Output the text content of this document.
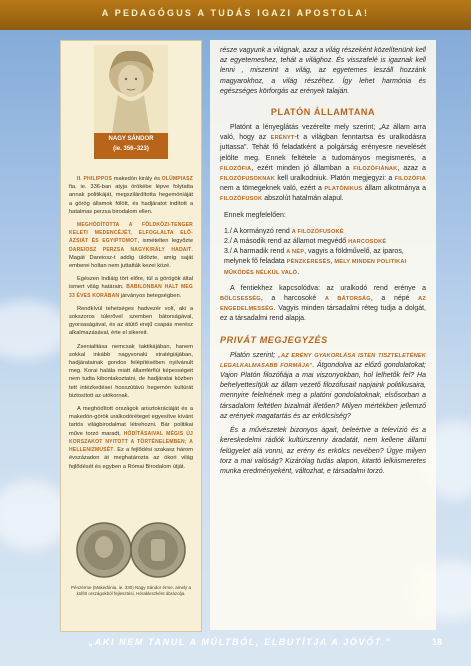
A PEDAGÓGUS A TUDÁS IGAZI APOSTOLA!
NAGY SÁNDOR
(ie. 356–323)

II. PHILIPPOS makedón király és OLÜMPIASZ fia. ie. 336-ban atyja örökébe lépve folytatta annak politikáját, megszilárdította hegemóniáját a görög államok fölött, és hadjáratot indított a hatalmas perzsa birodalom ellen.

MEGHÓDÍTOTTA A FÖLDKÖZI-TENGER KELETI MEDENCÉJÉT, ELFOGLALTA ELŐ-ÁZSIÁT ÉS EGYIPTOMOT, ismételten legyőzte DAREIOSZ PERZSA NAGYKIRÁLY HADAIT. Magát Dareiosz-t addig üldözte, amíg saját emberei holtan nem juttatták kezei közé.

Egészen Indiáig tört előre, túl a görögök által ismert világ határain. BABILONBAN HALT MEG 33 ÉVES KORÁBAN járványos betegségben.

Rendkívül tehetséges hadvezér volt, aki a sokszoros túlerővel szemben bátorságával, gyorsaságával, és az átütő erejű csapás merész alkalmazásával, érte el sikereit.

Zsenialitása nemcsak taktikájában, hanem sokkal inkább nagyvonalú stratégiájában, hadjáratainak gondos felépítésében nyilvánult meg. Korai halála miatt államférfiúi képességeit nem tudta kibontakoztatni, de hadjáratai közben tett intézkedései hosszútávú hegemón kultúrát biztosított az utókornak.

A meghódított országok arisztokráciáját és a makedón-görök uralkodóréteget egyesítve kívánt tartós világbirodalmat létrehozni. Bár politikai műve torzó maradt, HÓDÍTÁSAIVAL MÉGIS ÚJ KORSZAKOT NYITOTT A TÖRTÉNELEMBEN; A HELLENIZMUSÉT. Ez a fejlődési szakasz három évszázadon át meghatározta az ókori világ fejlődését és egyben a Római Birodalom útját.

Pénzérme (Makedónia, ie. 330) Nagy Sándor érme, amely a külföl országokból fejlesztési, Hérakleszként ábrázolja.

része vagyunk a világnak, azaz a világ részeként közelítenünk kell az egyetemeshez, tehát a világhoz. És visszafelé is igaznak kell lenni , miszerint a világ, az egyetemes leszáll hozzánk magyarokhoz, a világ részéhez. Így lehet harmónia és egészséges körforgás az erények talaján.

PLATÓN ÁLLAMTANA

Platónt a lényeglátás vezérelte mely szerint; „Az állam arra való, hogy az ERÉNYT-t a világban fenntartsa és uralkodásra juttassa”. Tehát fő feladatként a polgárság erényesre nevelését jelölte meg. Ennek feltétele a tudományos megismerés, a FILOZÓFIA, ezért minden jó államban a FILOZÓFIÁNAK, azaz a FILOZÓFUSOKNAK kell uralkodniuk. Platón megjegyzi: a FILOZÓFIA nem a tömegeknek való, ezért a PLATÓNIKUS állam alkotmánya a FILOZÓFUSOK abszolút hatalmán alapul.

Ennek megfelelően:

1./ A kormányzó rend A FILOZÓFUSOKÉ
2./ A második rend az államot megvédő HARCOSOKÉ
3./ A harmadik rend A NÉP, vagyis a földművelő, az iparos, melynek fő feladata PÉNZKERESÉS, MELY MINDEN POLITIKAI MŰKÖDÉS NÉLKÜL VALÓ.

A fentiekhez kapcsolódva: az uralkodó rend erénye a BÖLCSESSÉG, a harcosoké A BÁTORSÁG, a népé AZ ENGEDELMESSÉG. Vagyis minden társadalmi réteg tudja a dolgát, ez a társadalmi rend alapja.

PRIVÁT MEGJEGYZÉS

Platón szerint; „AZ ERÉNY GYAKORLÁSA ISTEN TISZTELETÉNEK LEGALKALMASABB FORMÁJA”. Átgondolva az előző gondolatokat; Vajon Platón filozófiája a mai viszonyokban, hol lelhetők fel? Ha behelyettesítjük az állam vezető filozófusait napjaink politikusaira, mennyire felelnének meg a platóni gondolatoknak, elsősorban a társadalom feltétlen bizalmát illetően? Milyen mértékben jellemző az erények magatartás és az erkölcsiség?

És a művészetek bizonyos ágait, beleértve a televízió és a kereskedelmi rádiók kultúrszenny áradatát, nem kellene állami felügyelet alá vonni, az erény és erkölcs nevében? Ügye milyen torz a mai valóság? Kizárólag tudás alapon, kitartó lelkiismeretes munka eredményeként, változhat, e társadalmi torzó.

„AKI NEM TANUL A MÚLTBÓL, ELBUTÍTJA A JÖVŐT.”	18
